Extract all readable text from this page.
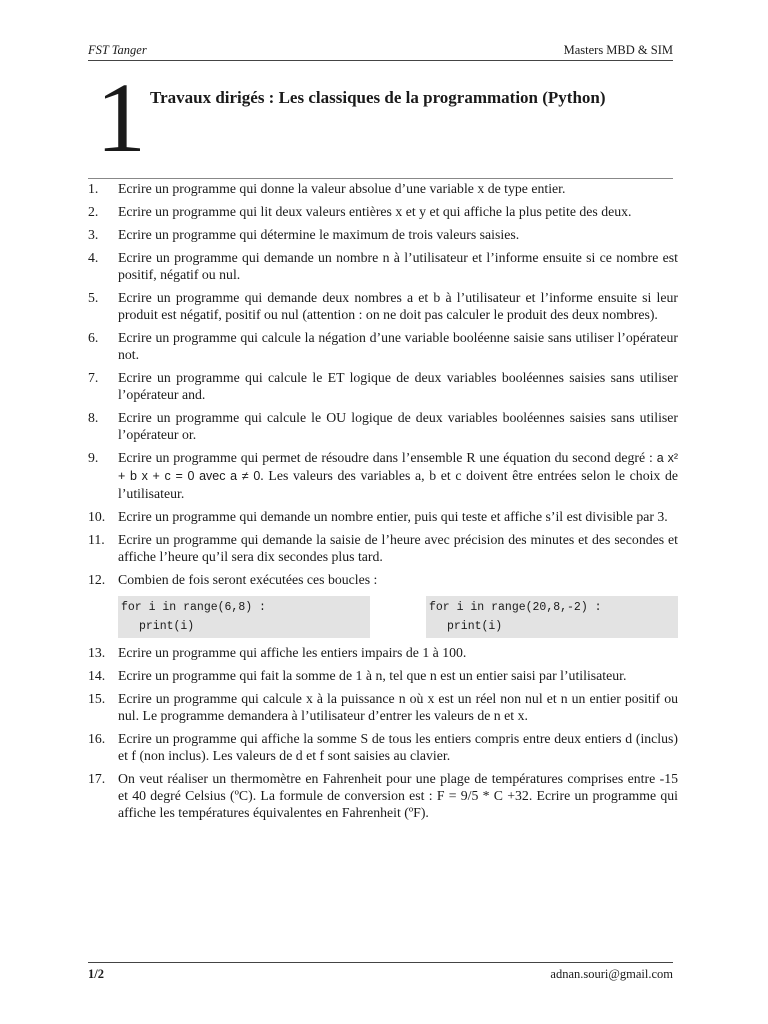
FST Tanger	Masters MBD & SIM
1 Travaux dirigés : Les classiques de la programmation (Python)
1. Ecrire un programme qui donne la valeur absolue d’une variable x de type entier.
2. Ecrire un programme qui lit deux valeurs entières x et y et qui affiche la plus petite des deux.
3. Ecrire un programme qui détermine le maximum de trois valeurs saisies.
4. Ecrire un programme qui demande un nombre n à l’utilisateur et l’informe ensuite si ce nombre est positif, négatif ou nul.
5. Ecrire un programme qui demande deux nombres a et b à l’utilisateur et l’informe ensuite si leur produit est négatif, positif ou nul (attention : on ne doit pas calculer le produit des deux nombres).
6. Ecrire un programme qui calcule la négation d’une variable booléenne saisie sans utiliser l’opérateur not.
7. Ecrire un programme qui calcule le ET logique de deux variables booléennes saisies sans utiliser l’opérateur and.
8. Ecrire un programme qui calcule le OU logique de deux variables booléennes saisies sans utiliser l’opérateur or.
9. Ecrire un programme qui permet de résoudre dans l’ensemble R une équation du second degré : a x² + b x + c = 0 avec a ≠ 0. Les valeurs des variables a, b et c doivent être entrées selon le choix de l’utilisateur.
10. Ecrire un programme qui demande un nombre entier, puis qui teste et affiche s’il est divisible par 3.
11. Ecrire un programme qui demande la saisie de l’heure avec précision des minutes et des secondes et affiche l’heure qu’il sera dix secondes plus tard.
12. Combien de fois seront exécutées ces boucles :
for i in range(6,8) :
print(i)
for i in range(20,8,-2) :
print(i)
13. Ecrire un programme qui affiche les entiers impairs de 1 à 100.
14. Ecrire un programme qui fait la somme de 1 à n, tel que n est un entier saisi par l’utilisateur.
15. Ecrire un programme qui calcule x à la puissance n où x est un réel non nul et n un entier positif ou nul. Le programme demandera à l’utilisateur d’entrer les valeurs de n et x.
16. Ecrire un programme qui affiche la somme S de tous les entiers compris entre deux entiers d (inclus) et f (non inclus). Les valeurs de d et f sont saisies au clavier.
17. On veut réaliser un thermomètre en Fahrenheit pour une plage de températures comprises entre -15 et 40 degré Celsius (ºC). La formule de conversion est : F = 9/5 * C +32. Ecrire un programme qui affiche les températures équivalentes en Fahrenheit (ºF).
1/2	adnan.souri@gmail.com
